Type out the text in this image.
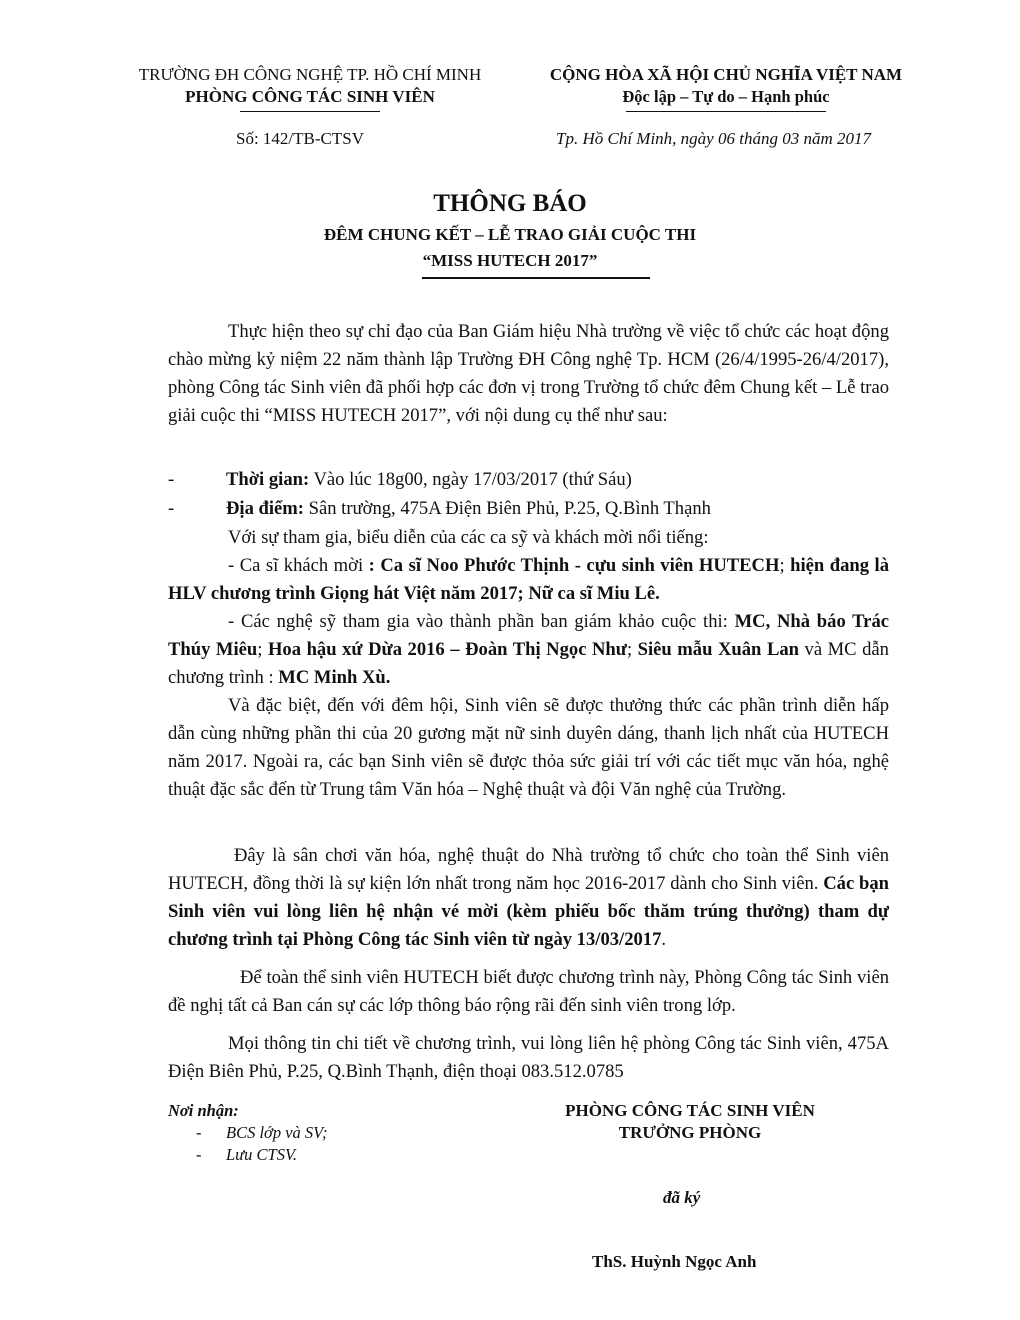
TRƯỜNG ĐH CÔNG NGHỆ TP. HỒ CHÍ MINH
PHÒNG CÔNG TÁC SINH VIÊN
CỘNG HÒA XÃ HỘI CHỦ NGHĨA VIỆT NAM
Độc lập – Tự do – Hạnh phúc
Số: 142/TB-CTSV	Tp. Hồ Chí Minh, ngày 06 tháng 03 năm 2017
THÔNG BÁO
ĐÊM CHUNG KẾT – LỄ TRAO GIẢI CUỘC THI
“MISS HUTECH 2017”
Thực hiện theo sự chỉ đạo của Ban Giám hiệu Nhà trường về việc tổ chức các hoạt động chào mừng kỷ niệm 22 năm thành lập Trường ĐH Công nghệ Tp. HCM (26/4/1995-26/4/2017), phòng Công tác Sinh viên đã phối hợp các đơn vị trong Trường tổ chức đêm Chung kết – Lễ trao giải cuộc thi “MISS HUTECH 2017”, với nội dung cụ thể như sau:
-	Thời gian: Vào lúc 18g00, ngày 17/03/2017 (thứ Sáu)
-	Địa điểm: Sân trường, 475A Điện Biên Phủ, P.25, Q.Bình Thạnh
Với sự tham gia, biểu diễn của các ca sỹ và khách mời nổi tiếng:
- Ca sĩ khách mời : Ca sĩ Noo Phước Thịnh - cựu sinh viên HUTECH; hiện đang là HLV chương trình Giọng hát Việt năm 2017; Nữ ca sĩ Miu Lê.
- Các nghệ sỹ tham gia vào thành phần ban giám khảo cuộc thi: MC, Nhà báo Trác Thúy Miêu; Hoa hậu xứ Dừa 2016 – Đoàn Thị Ngọc Như; Siêu mẫu Xuân Lan và MC dẫn chương trình : MC Minh Xù.
Và đặc biệt, đến với đêm hội, Sinh viên sẽ được thưởng thức các phần trình diễn hấp dẫn cùng những phần thi của 20 gương mặt nữ sinh duyên dáng, thanh lịch nhất của HUTECH năm 2017. Ngoài ra, các bạn Sinh viên sẽ được thỏa sức giải trí với các tiết mục văn hóa, nghệ thuật đặc sắc đến từ Trung tâm Văn hóa – Nghệ thuật và đội Văn nghệ của Trường.
Đây là sân chơi văn hóa, nghệ thuật do Nhà trường tổ chức cho toàn thể Sinh viên HUTECH, đồng thời là sự kiện lớn nhất trong năm học 2016-2017 dành cho Sinh viên. Các bạn Sinh viên vui lòng liên hệ nhận vé mời (kèm phiếu bốc thăm trúng thưởng) tham dự chương trình tại Phòng Công tác Sinh viên từ ngày 13/03/2017.
Để toàn thể sinh viên HUTECH biết được chương trình này, Phòng Công tác Sinh viên đề nghị tất cả Ban cán sự các lớp thông báo rộng rãi đến sinh viên trong lớp.
Mọi thông tin chi tiết về chương trình, vui lòng liên hệ phòng Công tác Sinh viên, 475A Điện Biên Phủ, P.25, Q.Bình Thạnh, điện thoại 083.512.0785
Nơi nhận:
- BCS lớp và SV;
- Lưu CTSV.
PHÒNG CÔNG TÁC SINH VIÊN
TRƯỞNG PHÒNG
đã ký
ThS. Huỳnh Ngọc Anh
